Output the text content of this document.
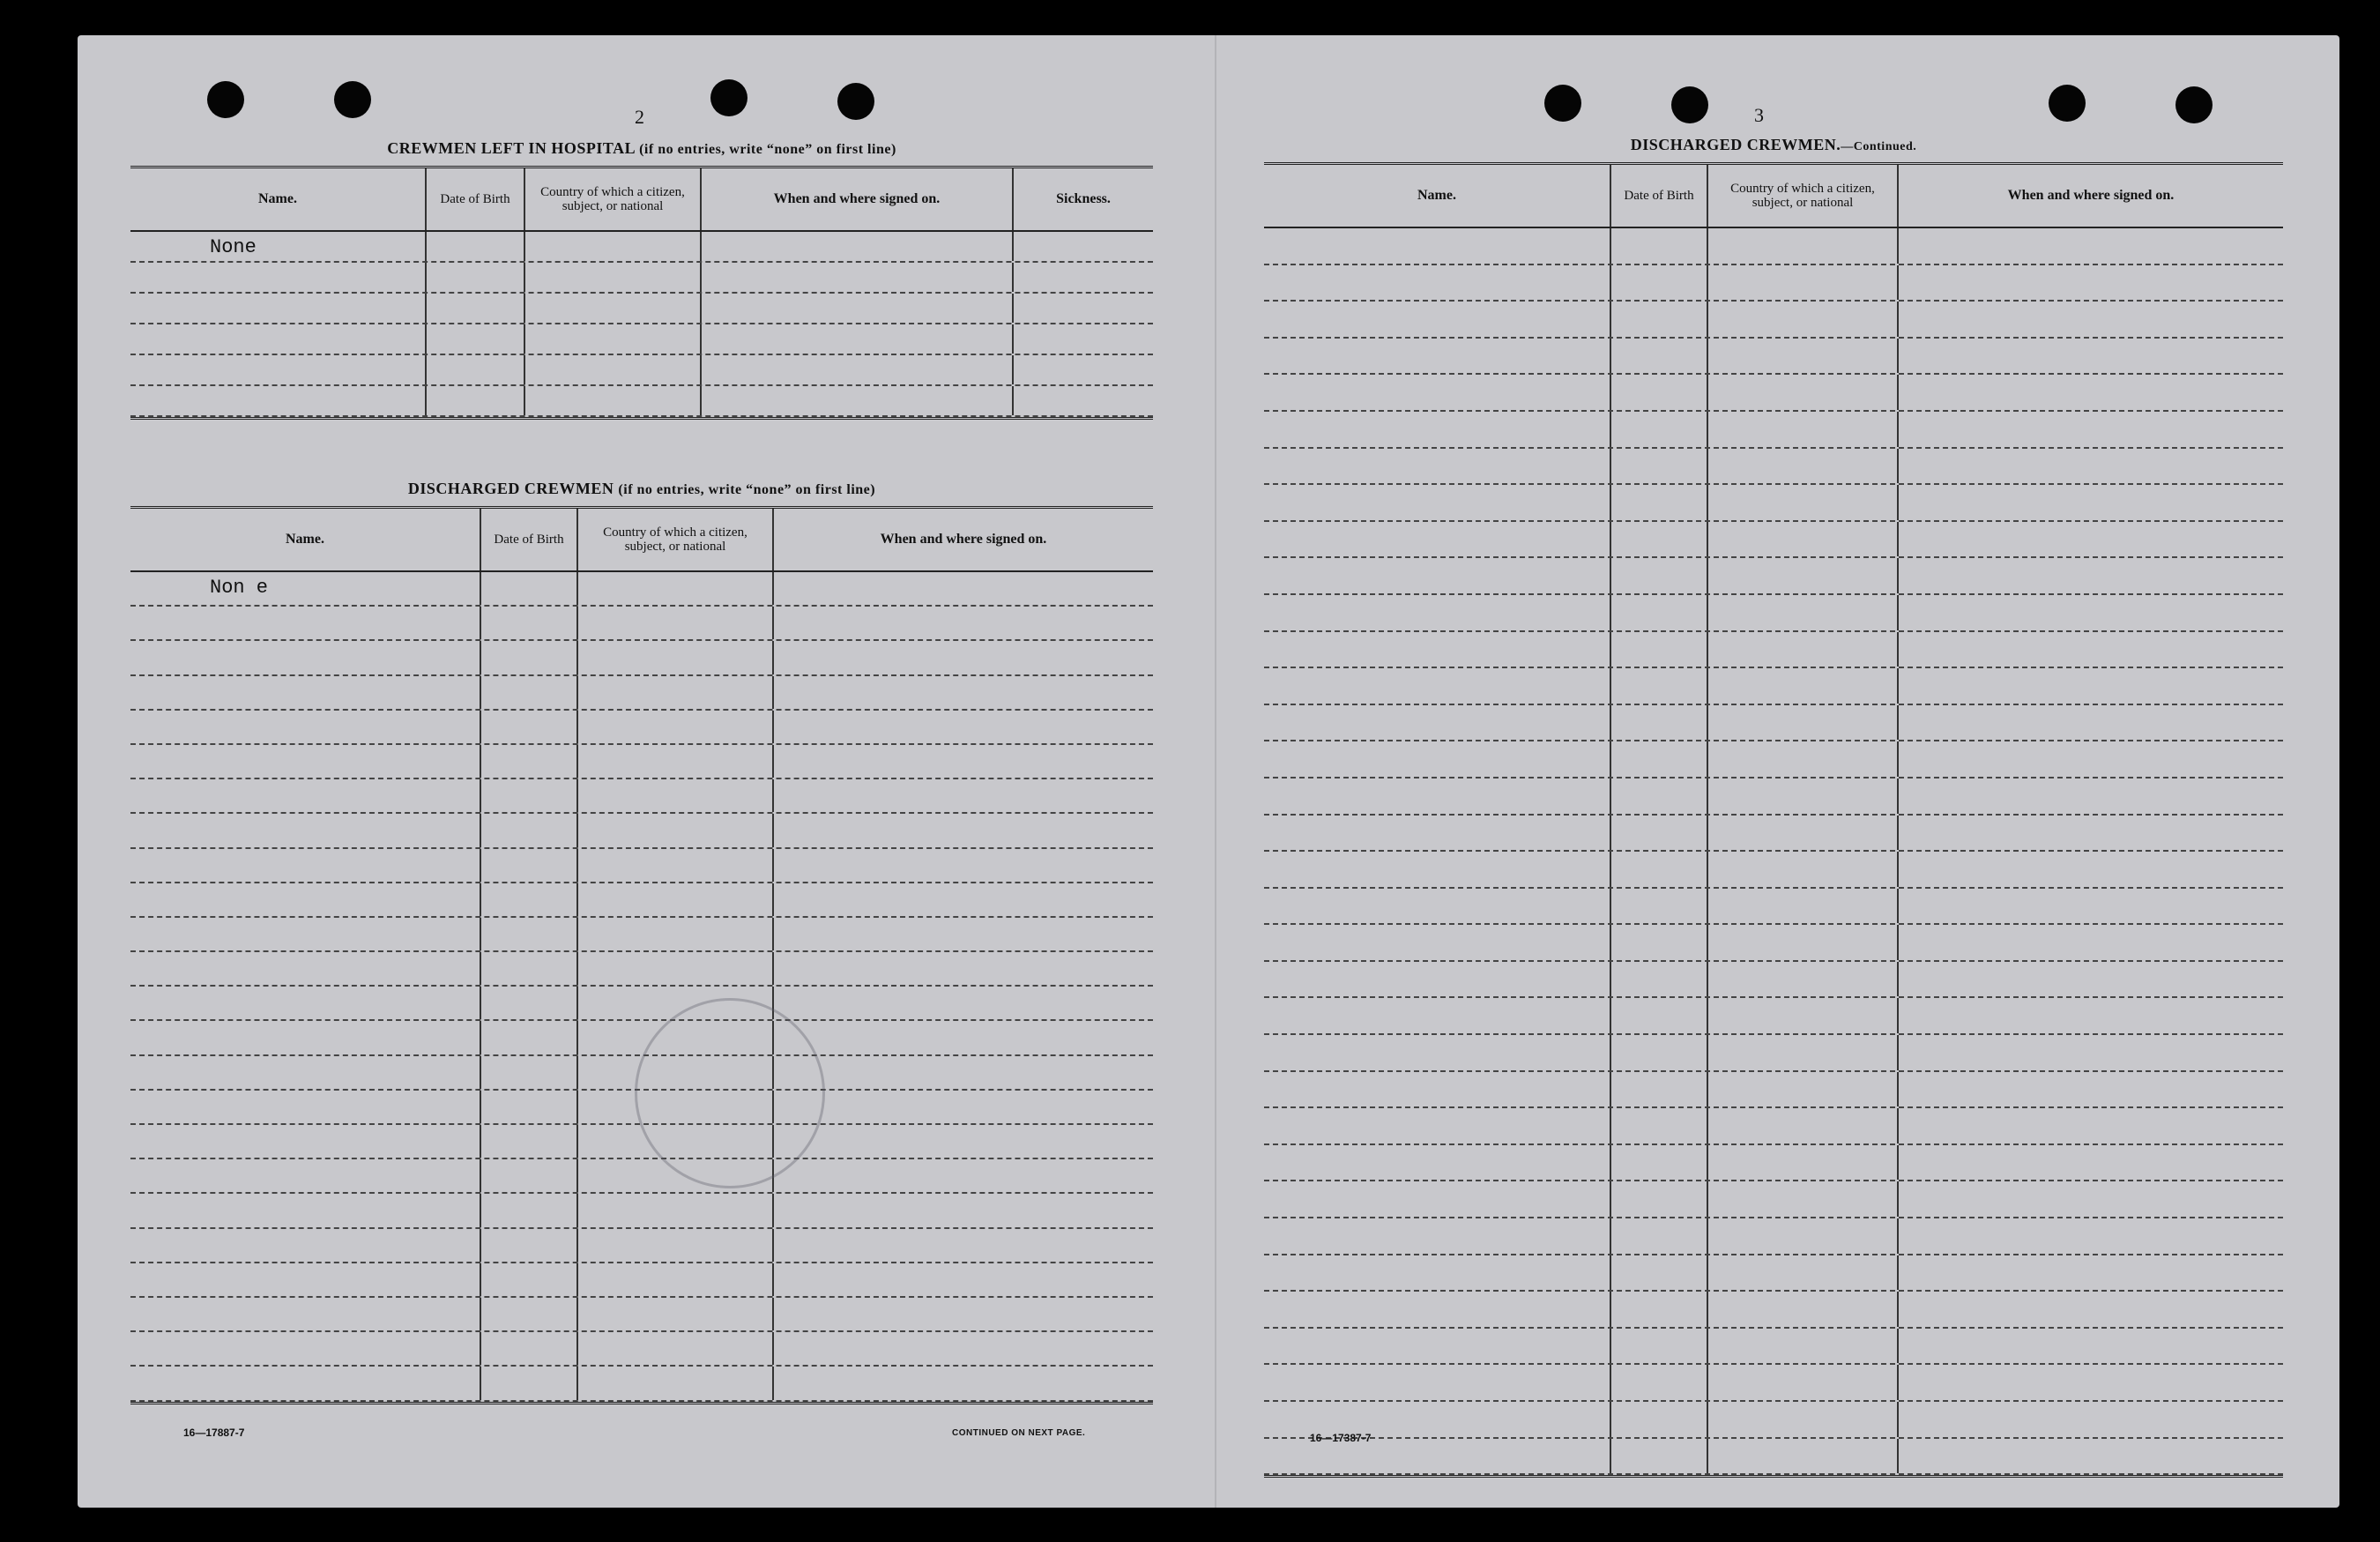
2
CREWMEN LEFT IN HOSPITAL (if no entries, write “none” on first line)
Name.	Date of Birth	Country of which a citizen, subject, or national	When and where signed on.	Sickness.
None
DISCHARGED CREWMEN (if no entries, write “none” on first line)
Name.	Date of Birth	Country of which a citizen, subject, or national	When and where signed on.
Non e
16—17887-7	CONTINUED ON NEXT PAGE.
3
DISCHARGED CREWMEN.—Continued.
Name.	Date of Birth	Country of which a citizen, subject, or national	When and where signed on.
16—17387-7
